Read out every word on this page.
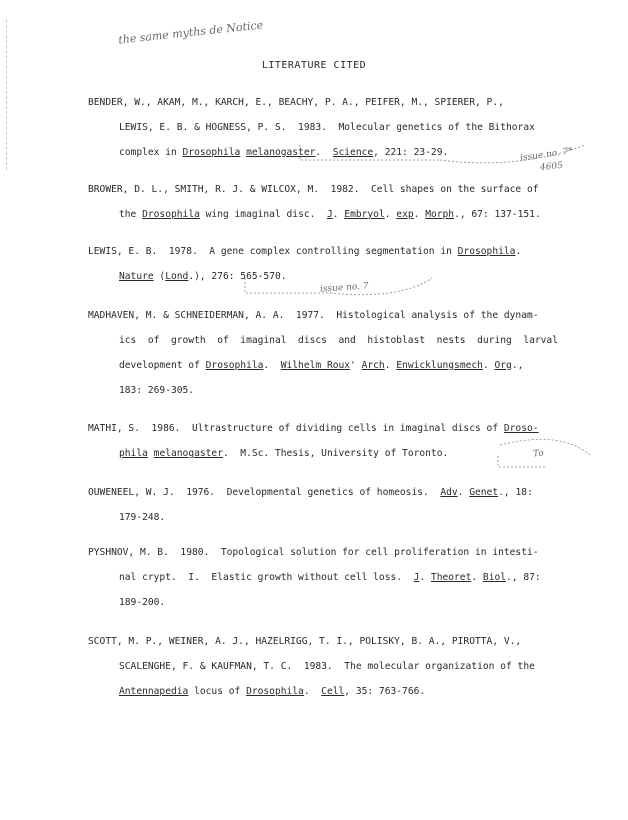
the same myths de Notice
LITERATURE CITED
BENDER, W., AKAM, M., KARCH, E., BEACHY, P. A., PEIFER, M., SPIERER, P.,
LEWIS, E. B. & HOGNESS, P. S.  1983.  Molecular genetics of the Bithorax
complex in Drosophila melanogaster.  Science, 221: 23-29.
BROWER, D. L., SMITH, R. J. & WILCOX, M.  1982.  Cell shapes on the surface of
the Drosophila wing imaginal disc.  J. Embryol. exp. Morph., 67: 137-151.
LEWIS, E. B.  1978.  A gene complex controlling segmentation in Drosophila.
Nature (Lond.), 276: 565-570.
MADHAVEN, M. & SCHNEIDERMAN, A. A.  1977.  Histological analysis of the dynam-
ics  of  growth  of  imaginal  discs  and  histoblast  nests  during  larval
development of Drosophila.  Wilhelm Roux' Arch. Enwicklungsmech. Org.,
183: 269-305.
MATHI, S.  1986.  Ultrastructure of dividing cells in imaginal discs of Droso-
phila melanogaster.  M.Sc. Thesis, University of Toronto.
OUWENEEL, W. J.  1976.  Developmental genetics of homeosis.  Adv. Genet., 18:
179-248.
PYSHNOV, M. B.  1980.  Topological solution for cell proliferation in intesti-
nal crypt.  I.  Elastic growth without cell loss.  J. Theoret. Biol., 87:
189-200.
SCOTT, M. P., WEINER, A. J., HAZELRIGG, T. I., POLISKY, B. A., PIROTTA, V.,
SCALENGHE, F. & KAUFMAN, T. C.  1983.  The molecular organization of the
Antennapedia locus of Drosophila.  Cell, 35: 763-766.
issue no. 7*
4605
issue no. 7
To
